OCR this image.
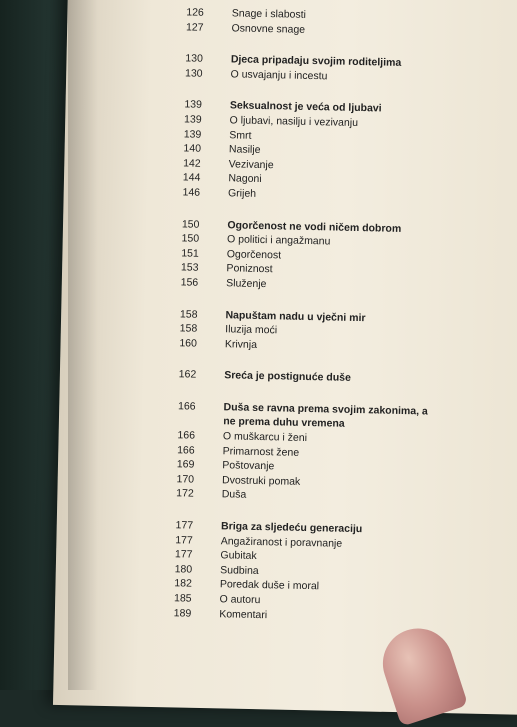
126	Snage i slabosti
127	Osnovne snage
130	Djeca pripadaju svojim roditeljima
130	O usvajanju i incestu
139	Seksualnost je veća od ljubavi
139	O ljubavi, nasilju i vezivanju
139	Smrt
140	Nasilje
142	Vezivanje
144	Nagoni
146	Grijeh
150	Ogorčenost ne vodi ničem dobrom
150	O politici i angažmanu
151	Ogorčenost
153	Poniznost
156	Služenje
158	Napuštam nadu u vječni mir
158	Iluzija moći
160	Krivnja
162	Sreća je postignuće duše
166	Duša se ravna prema svojim zakonima, a
ne prema duhu vremena
166	O muškarcu i ženi
166	Primarnost žene
169	Poštovanje
170	Dvostruki pomak
172	Duša
177	Briga za sljedeću generaciju
177	Angažiranost i poravnanje
177	Gubitak
180	Sudbina
182	Poredak duše i moral
185	O autoru
189	Komentari
